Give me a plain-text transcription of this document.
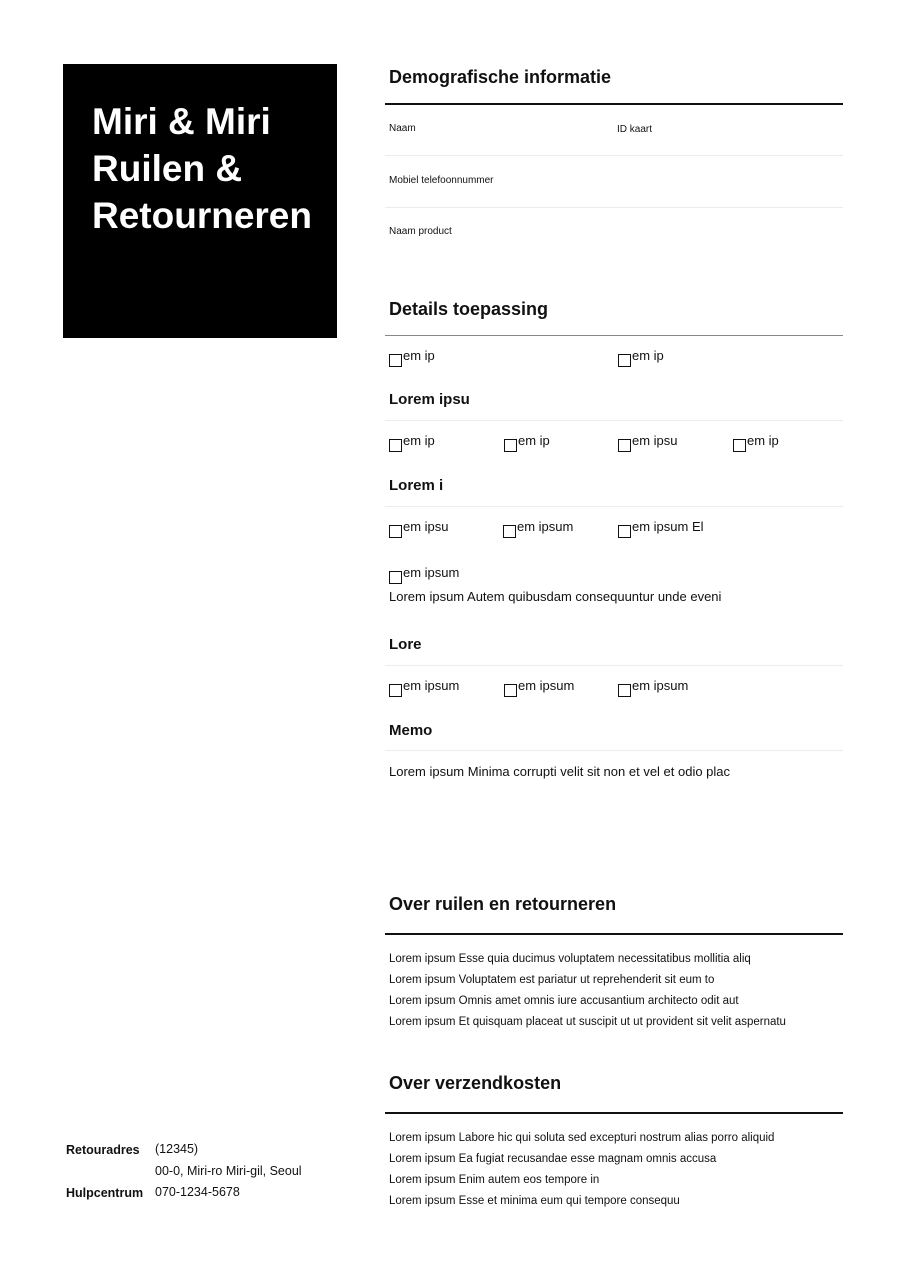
Miri & Miri
Ruilen &
Retourneren
Demografische informatie
Naam	ID kaart
Mobiel telefoonnummer
Naam product
Details toepassing
em ip	em ip
Lorem ipsu
em ip	em ip	em ipsu	em ip
Lorem i
em ipsu	em ipsum	em ipsum El
em ipsum
Lorem ipsum Autem quibusdam consequuntur unde eveni
Lore
em ipsum	em ipsum	em ipsum
Memo
Lorem ipsum Minima corrupti velit sit non et vel et odio plac
Over ruilen en retourneren
Lorem ipsum Esse quia ducimus voluptatem necessitatibus mollitia aliq
Lorem ipsum Voluptatem est pariatur ut reprehenderit sit eum to
Lorem ipsum Omnis amet omnis iure accusantium architecto odit aut
Lorem ipsum Et quisquam placeat ut suscipit ut ut provident sit velit aspernatu
Over verzendkosten
Lorem ipsum Labore hic qui soluta sed excepturi nostrum alias porro aliquid
Lorem ipsum Ea fugiat recusandae esse magnam omnis accusa
Lorem ipsum Enim autem eos tempore in
Lorem ipsum Esse et minima eum qui tempore consequu
Retouradres (12345)
00-0, Miri-ro Miri-gil, Seoul
Hulpcentrum 070-1234-5678
